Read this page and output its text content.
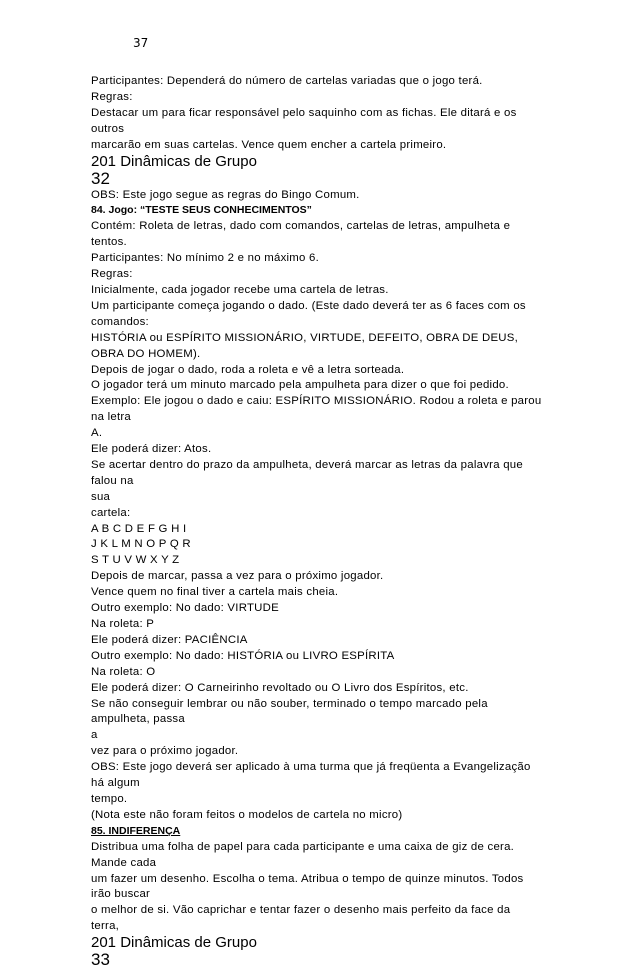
37
Participantes: Dependerá do número de cartelas variadas que o jogo terá.
Regras:
Destacar um para ficar responsável pelo saquinho com as fichas. Ele ditará e os
outros
marcarão em suas cartelas. Vence quem encher a cartela primeiro.
201 Dinâmicas de Grupo
32
OBS: Este jogo segue as regras do Bingo Comum.
84. Jogo: “TESTE SEUS CONHECIMENTOS”
Contém: Roleta de letras, dado com comandos, cartelas de letras, ampulheta e
tentos.
Participantes: No mínimo 2 e no máximo 6.
Regras:
Inicialmente, cada jogador recebe uma cartela de letras.
Um participante começa jogando o dado. (Este dado deverá ter as 6 faces com os
comandos:
HISTÓRIA ou ESPÍRITO MISSIONÁRIO, VIRTUDE, DEFEITO, OBRA DE DEUS,
OBRA DO HOMEM).
Depois de jogar o dado, roda a roleta e vê a letra sorteada.
O jogador terá um minuto marcado pela ampulheta para dizer o que foi pedido.
Exemplo: Ele jogou o dado e caiu: ESPÍRITO MISSIONÁRIO. Rodou a roleta e parou
na letra
A.
Ele poderá dizer: Atos.
Se acertar dentro do prazo da ampulheta, deverá marcar as letras da palavra que
falou na
sua
cartela:
A B C D E F G H I
J K L M N O P Q R
S T U V W X Y Z
Depois de marcar, passa a vez para o próximo jogador.
Vence quem no final tiver a cartela mais cheia.
Outro exemplo: No dado: VIRTUDE
Na roleta: P
Ele poderá dizer: PACIÊNCIA
Outro exemplo: No dado: HISTÓRIA ou LIVRO ESPÍRITA
Na roleta: O
Ele poderá dizer: O Carneirinho revoltado ou O Livro dos Espíritos, etc.
Se não conseguir lembrar ou não souber, terminado o tempo marcado pela
ampulheta, passa
a
vez para o próximo jogador.
OBS: Este jogo deverá ser aplicado à uma turma que já freqüenta a Evangelização
há algum
tempo.
(Nota este não foram feitos o modelos de cartela no micro)
85. INDIFERENÇA
Distribua uma folha de papel para cada participante e uma caixa de giz de cera.
Mande cada
um fazer um desenho. Escolha o tema. Atribua o tempo de quinze minutos. Todos
irão buscar
o melhor de si. Vão caprichar e tentar fazer o desenho mais perfeito da face da
terra,
201 Dinâmicas de Grupo
33
